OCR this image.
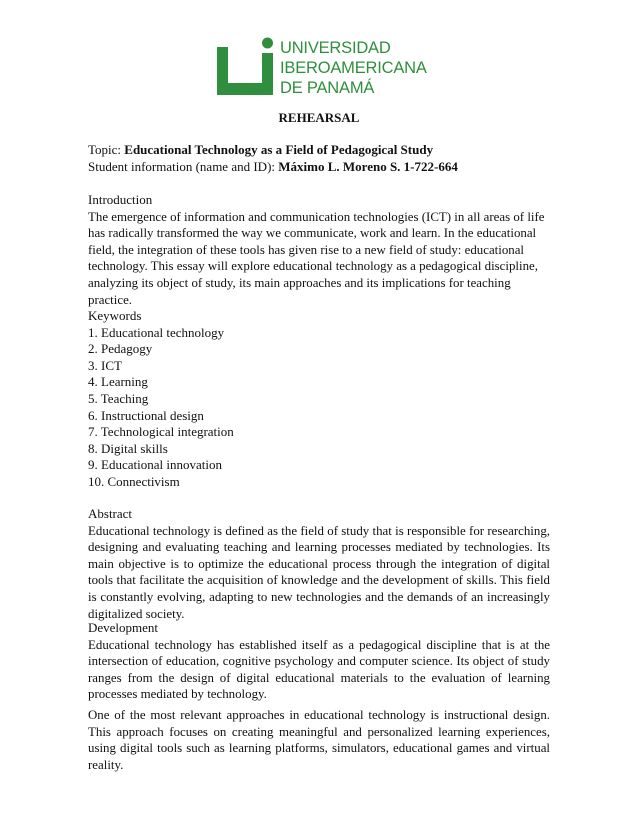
UNIVERSIDAD
IBEROAMERICANA
DE PANAMÁ
REHEARSAL
Topic: Educational Technology as a Field of Pedagogical Study
Student information (name and ID): Máximo L. Moreno S. 1-722-664
Introduction
The emergence of information and communication technologies (ICT) in all areas of life has radically transformed the way we communicate, work and learn. In the educational field, the integration of these tools has given rise to a new field of study: educational technology. This essay will explore educational technology as a pedagogical discipline, analyzing its object of study, its main approaches and its implications for teaching practice.
Keywords
1. Educational technology
2. Pedagogy
3. ICT
4. Learning
5. Teaching
6. Instructional design
7. Technological integration
8. Digital skills
9. Educational innovation
10. Connectivism
Abstract
Educational technology is defined as the field of study that is responsible for researching, designing and evaluating teaching and learning processes mediated by technologies. Its main objective is to optimize the educational process through the integration of digital tools that facilitate the acquisition of knowledge and the development of skills. This field is constantly evolving, adapting to new technologies and the demands of an increasingly digitalized society.
Development
Educational technology has established itself as a pedagogical discipline that is at the intersection of education, cognitive psychology and computer science. Its object of study ranges from the design of digital educational materials to the evaluation of learning processes mediated by technology.
One of the most relevant approaches in educational technology is instructional design. This approach focuses on creating meaningful and personalized learning experiences, using digital tools such as learning platforms, simulators, educational games and virtual reality.
